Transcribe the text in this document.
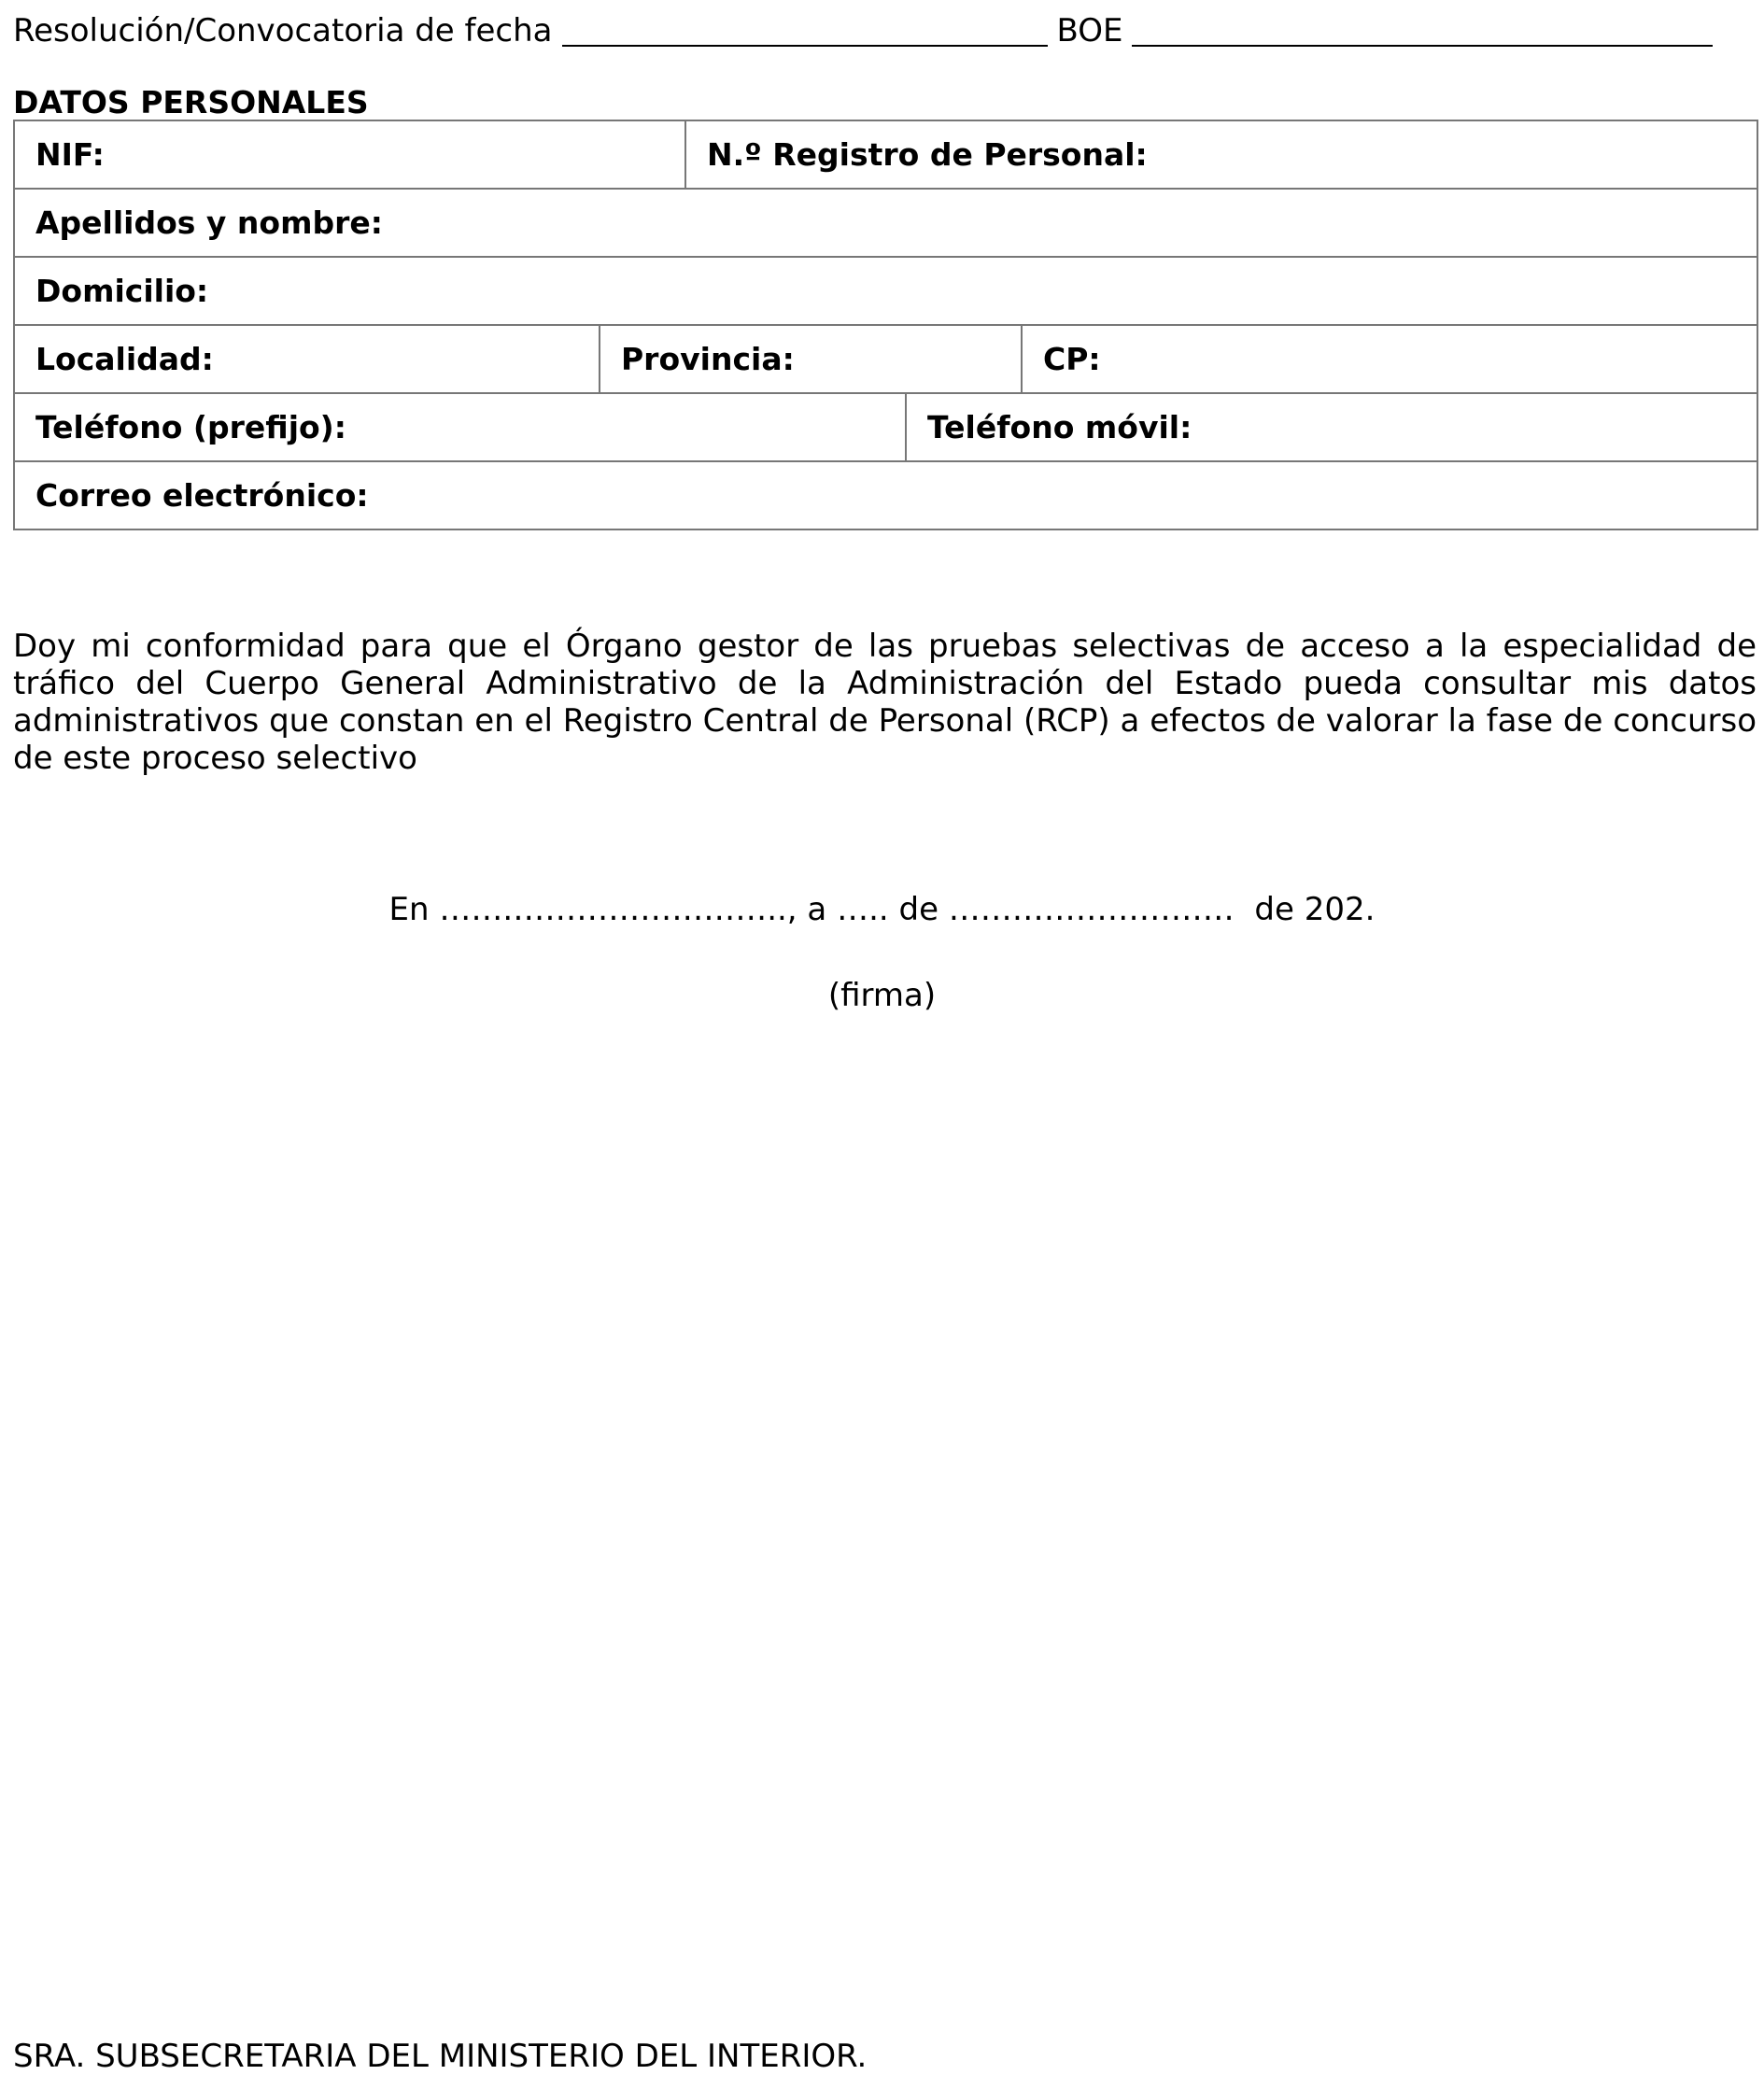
Resolución/Convocatoria de fecha	BOE
DATOS PERSONALES
NIF:		N.º Registro de Personal:		
Apellidos y nombre:				
Domicilio:				
Localidad:	Provincia:			CP:
Teléfono (prefijo):			Teléfono móvil:	
Correo electrónico:				
Doy mi conformidad para que el Órgano gestor de las pruebas selectivas de acceso a la especialidad de tráfico del Cuerpo General Administrativo de la Administración del Estado pueda consultar mis datos administrativos que constan en el Registro Central de Personal (RCP) a efectos de valorar la fase de concurso de este proceso selectivo
En …….…………………….., a ….. de ………………………  de 202.
(firma)
SRA. SUBSECRETARIA DEL MINISTERIO DEL INTERIOR.
